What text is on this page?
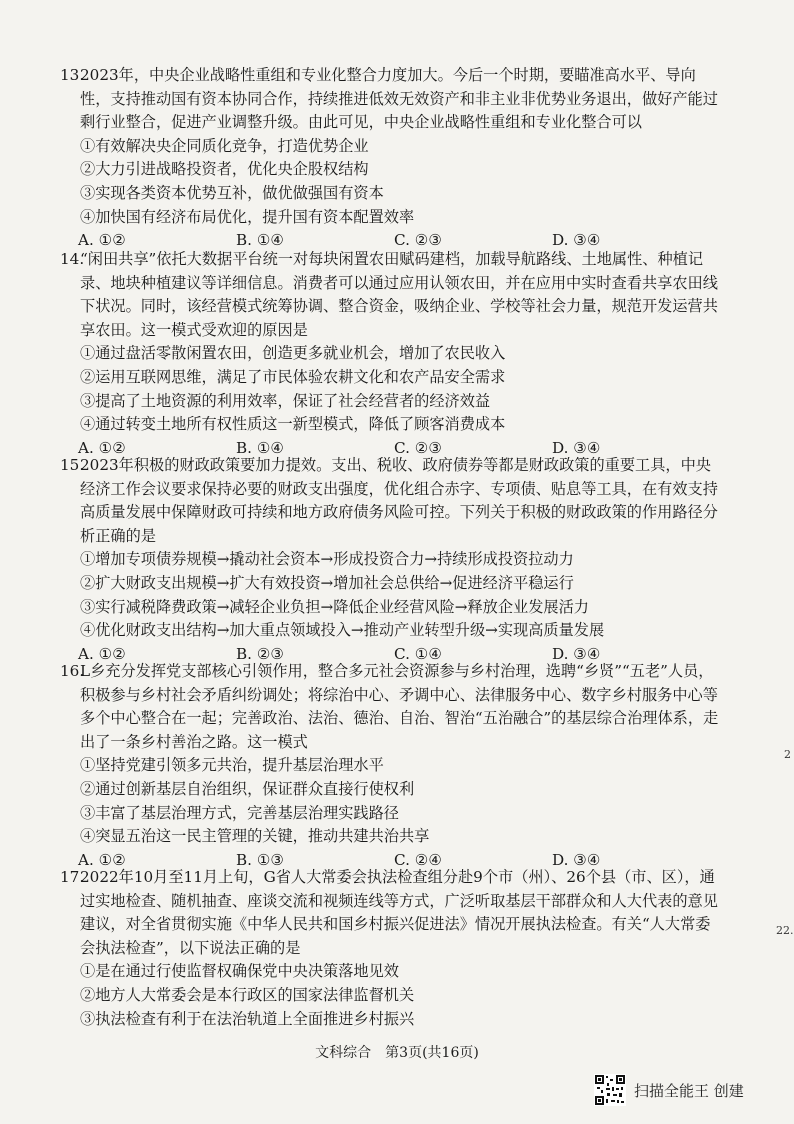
13.
2023年，中央企业战略性重组和专业化整合力度加大。今后一个时期，要瞄准高水平、导向性，支持推动国有资本协同合作，持续推进低效无效资产和非主业非优势业务退出，做好产能过剩行业整合，促进产业调整升级。由此可见，中央企业战略性重组和专业化整合可以
①有效解决央企同质化竞争，打造优势企业
②大力引进战略投资者，优化央企股权结构
③实现各类资本优势互补，做优做强国有资本
④加快国有经济布局优化，提升国有资本配置效率
A. ①②	B. ①④	C. ②③	D. ③④
14.
“闲田共享”依托大数据平台统一对每块闲置农田赋码建档，加载导航路线、土地属性、种植记录、地块种植建议等详细信息。消费者可以通过应用认领农田，并在应用中实时查看共享农田线下状况。同时，该经营模式统筹协调、整合资金，吸纳企业、学校等社会力量，规范开发运营共享农田。这一模式受欢迎的原因是
①通过盘活零散闲置农田，创造更多就业机会，增加了农民收入
②运用互联网思维，满足了市民体验农耕文化和农产品安全需求
③提高了土地资源的利用效率，保证了社会经营者的经济效益
④通过转变土地所有权性质这一新型模式，降低了顾客消费成本
A. ①②	B. ①④	C. ②③	D. ③④
15.
2023年积极的财政政策要加力提效。支出、税收、政府债券等都是财政政策的重要工具，中央经济工作会议要求保持必要的财政支出强度，优化组合赤字、专项债、贴息等工具，在有效支持高质量发展中保障财政可持续和地方政府债务风险可控。下列关于积极的财政政策的作用路径分析正确的是
①增加专项债券规模→撬动社会资本→形成投资合力→持续形成投资拉动力
②扩大财政支出规模→扩大有效投资→增加社会总供给→促进经济平稳运行
③实行减税降费政策→减轻企业负担→降低企业经营风险→释放企业发展活力
④优化财政支出结构→加大重点领域投入→推动产业转型升级→实现高质量发展
A. ①②	B. ②③	C. ①④	D. ③④
16.
L乡充分发挥党支部核心引领作用，整合多元社会资源参与乡村治理，选聘“乡贤”“五老”人员，积极参与乡村社会矛盾纠纷调处；将综治中心、矛调中心、法律服务中心、数字乡村服务中心等多个中心整合在一起；完善政治、法治、德治、自治、智治“五治融合”的基层综合治理体系，走出了一条乡村善治之路。这一模式
①坚持党建引领多元共治，提升基层治理水平
②通过创新基层自治组织，保证群众直接行使权利
③丰富了基层治理方式，完善基层治理实践路径
④突显五治这一民主管理的关键，推动共建共治共享
A. ①②	B. ①③	C. ②④	D. ③④
17.
2022年10月至11月上旬，G省人大常委会执法检查组分赴9个市（州）、26个县（市、区），通过实地检查、随机抽查、座谈交流和视频连线等方式，广泛听取基层干部群众和人大代表的意见建议，对全省贯彻实施《中华人民共和国乡村振兴促进法》情况开展执法检查。有关“人大常委会执法检查”，以下说法正确的是
①是在通过行使监督权确保党中央决策落地见效
②地方人大常委会是本行政区的国家法律监督机关
③执法检查有利于在法治轨道上全面推进乡村振兴
2
22.
文科综合　第3页(共16页)
扫描全能王 创建
